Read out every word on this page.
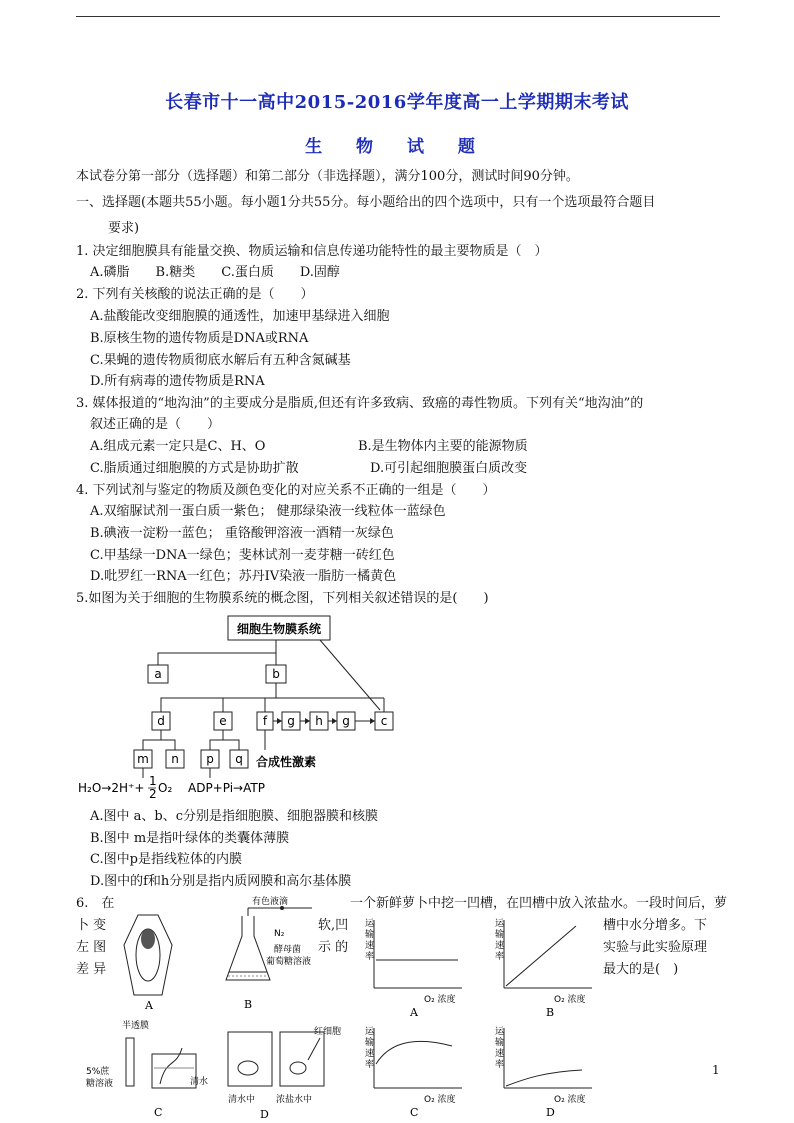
长春市十一高中2015-2016学年度高一上学期期末考试
生 物 试 题
本试卷分第一部分（选择题）和第二部分（非选择题），满分100分，测试时间90分钟。
一、选择题(本题共55小题。每小题1分共55分。每小题给出的四个选项中，只有一个选项最符合题目
要求)
1. 决定细胞膜具有能量交换、物质运输和信息传递功能特性的最主要物质是（　）
A.磷脂　　B.糖类　　C.蛋白质　　D.固醇
2. 下列有关核酸的说法正确的是（　　）
A.盐酸能改变细胞膜的通透性，加速甲基绿进入细胞
B.原核生物的遗传物质是DNA或RNA
C.果蝇的遗传物质彻底水解后有五种含氮碱基
D.所有病毒的遗传物质是RNA
3. 媒体报道的“地沟油”的主要成分是脂质,但还有许多致病、致癌的毒性物质。下列有关“地沟油”的
叙述正确的是（　　）
A.组成元素一定只是C、H、O	B.是生物体内主要的能源物质
C.脂质通过细胞膜的方式是协助扩散	D.可引起细胞膜蛋白质改变
4. 下列试剂与鉴定的物质及颜色变化的对应关系不正确的一组是（　　）
A.双缩脲试剂一蛋白质一紫色； 健那绿染液一线粒体一蓝绿色
B.碘液一淀粉一蓝色； 重铬酸钾溶液一酒精一灰绿色
C.甲基绿一DNA一绿色；斐林试剂一麦芽糖一砖红色
D.吡罗红一RNA一红色；苏丹IV染液一脂肪一橘黄色
5.如图为关于细胞的生物膜系统的概念图，下列相关叙述错误的是(　　)
细胞生物膜系统
a	b
c
d	e	f g h g
m n p q
H₂O→2H⁺+ 1
2 O₂ ADP+Pi→ATP
合成性激素
A.图中 a、b、c分别是指细胞膜、细胞器膜和核膜
B.图中 m是指叶绿体的类囊体薄膜
C.图中p是指线粒体的内膜
D.图中的f和h分别是指内质网膜和高尔基体膜
6.　在	一个新鲜萝卜中挖一凹槽，在凹槽中放入浓盐水。一段时间后，萝
卜 变	软,凹	槽中水分增多。下
左 图	示 的	实验与此实验原理
差 异	最大的是(　)
A
有色液滴
N₂
酵母菌
葡萄糖溶液
B
运
输
速
率
O₂ 浓度
A
运
输
速
率
O₂ 浓度
B
半透膜
5%蔗
糖溶液	清水
C
红细胞
清水中 浓盐水中
D
运
输
速
率
O₂ 浓度
C
运
输
速
率
O₂ 浓度
D
1
